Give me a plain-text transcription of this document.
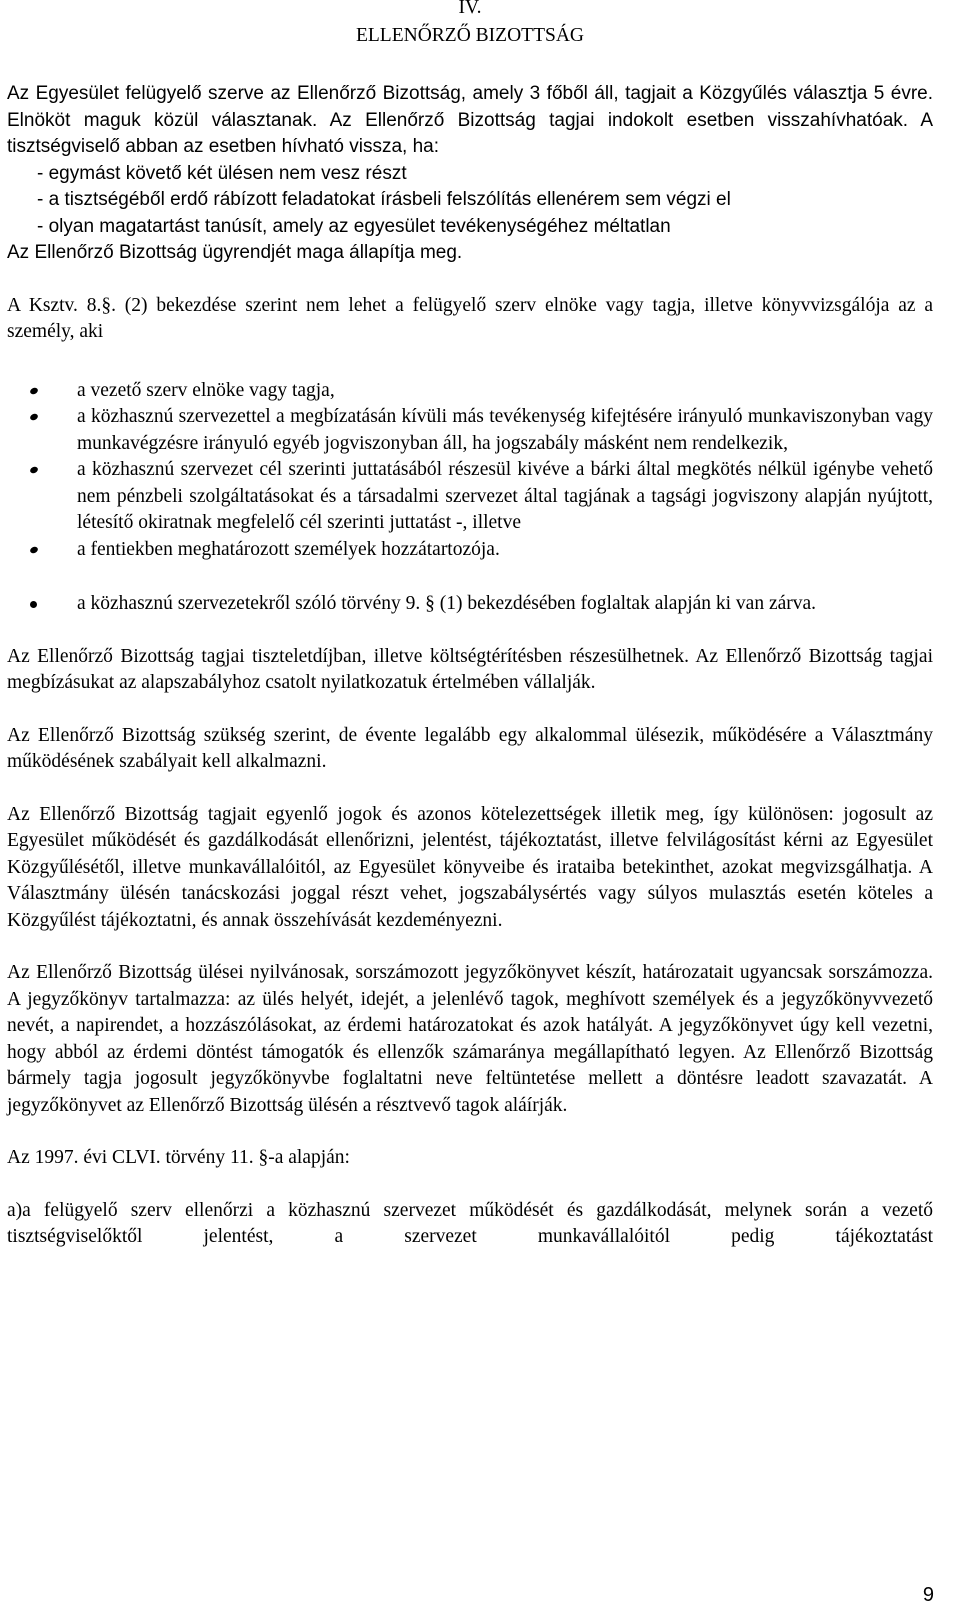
IV.

ELLENŐRZŐ BIZOTTSÁG

Az Egyesület felügyelő szerve az Ellenőrző Bizottság, amely 3 főből áll, tagjait a Közgyűlés választja 5 évre. Elnököt maguk közül választanak. Az Ellenőrző Bizottság tagjai indokolt esetben visszahívhatóak. A tisztségviselő abban az esetben hívható vissza, ha:

- egymást követő két ülésen nem vesz részt

- a tisztségéből erdő rábízott feladatokat írásbeli felszólítás ellenérem sem végzi el

- olyan magatartást tanúsít, amely az egyesület tevékenységéhez méltatlan

Az Ellenőrző Bizottság ügyrendjét maga állapítja meg.

A Ksztv. 8.§. (2) bekezdése szerint nem lehet a felügyelő szerv elnöke vagy tagja, illetve könyvvizsgálója az a személy, aki

a vezető szerv elnöke vagy tagja,
a közhasznú szervezettel a megbízatásán kívüli más tevékenység kifejtésére irányuló munkaviszonyban vagy munkavégzésre irányuló egyéb jogviszonyban áll, ha jogszabály másként nem rendelkezik,
a közhasznú szervezet cél szerinti juttatásából részesül kivéve a bárki által megkötés nélkül igénybe vehető nem pénzbeli szolgáltatásokat és a társadalmi szervezet által tagjának a tagsági jogviszony alapján nyújtott, létesítő okiratnak megfelelő cél szerinti juttatást -, illetve
a fentiekben meghatározott személyek hozzátartozója.
a közhasznú szervezetekről szóló törvény 9. § (1) bekezdésében foglaltak alapján ki van zárva.

Az Ellenőrző Bizottság tagjai tiszteletdíjban, illetve költségtérítésben részesülhetnek. Az Ellenőrző Bizottság tagjai megbízásukat az alapszabályhoz csatolt nyilatkozatuk értelmében vállalják.

Az Ellenőrző Bizottság szükség szerint, de évente legalább egy alkalommal ülésezik, működésére a Választmány működésének szabályait kell alkalmazni.

Az Ellenőrző Bizottság tagjait egyenlő jogok és azonos kötelezettségek illetik meg, így különösen: jogosult az Egyesület működését és gazdálkodását ellenőrizni, jelentést, tájékoztatást, illetve felvilágosítást kérni az Egyesület Közgyűlésétől, illetve munkavállalóitól, az Egyesület könyveibe és irataiba betekinthet, azokat megvizsgálhatja. A Választmány ülésén tanácskozási joggal részt vehet, jogszabálysértés vagy súlyos mulasztás esetén köteles a Közgyűlést tájékoztatni, és annak összehívását kezdeményezni.

Az Ellenőrző Bizottság ülései nyilvánosak, sorszámozott jegyzőkönyvet készít, határozatait ugyancsak sorszámozza. A jegyzőkönyv tartalmazza: az ülés helyét, idejét, a jelenlévő tagok, meghívott személyek és a jegyzőkönyvvezető nevét, a napirendet, a hozzászólásokat, az érdemi határozatokat és azok hatályát. A jegyzőkönyvet úgy kell vezetni, hogy abból az érdemi döntést támogatók és ellenzők számaránya megállapítható legyen. Az Ellenőrző Bizottság bármely tagja jogosult jegyzőkönyvbe foglaltatni neve feltüntetése mellett a döntésre leadott szavazatát. A jegyzőkönyvet az Ellenőrző Bizottság ülésén a résztvevő tagok aláírják.

Az 1997. évi CLVI. törvény 11. §-a alapján:

a)a felügyelő szerv ellenőrzi a közhasznú szervezet működését és gazdálkodását, melynek során a vezető tisztségviselőktől jelentést, a szervezet munkavállalóitól pedig tájékoztatást

9
